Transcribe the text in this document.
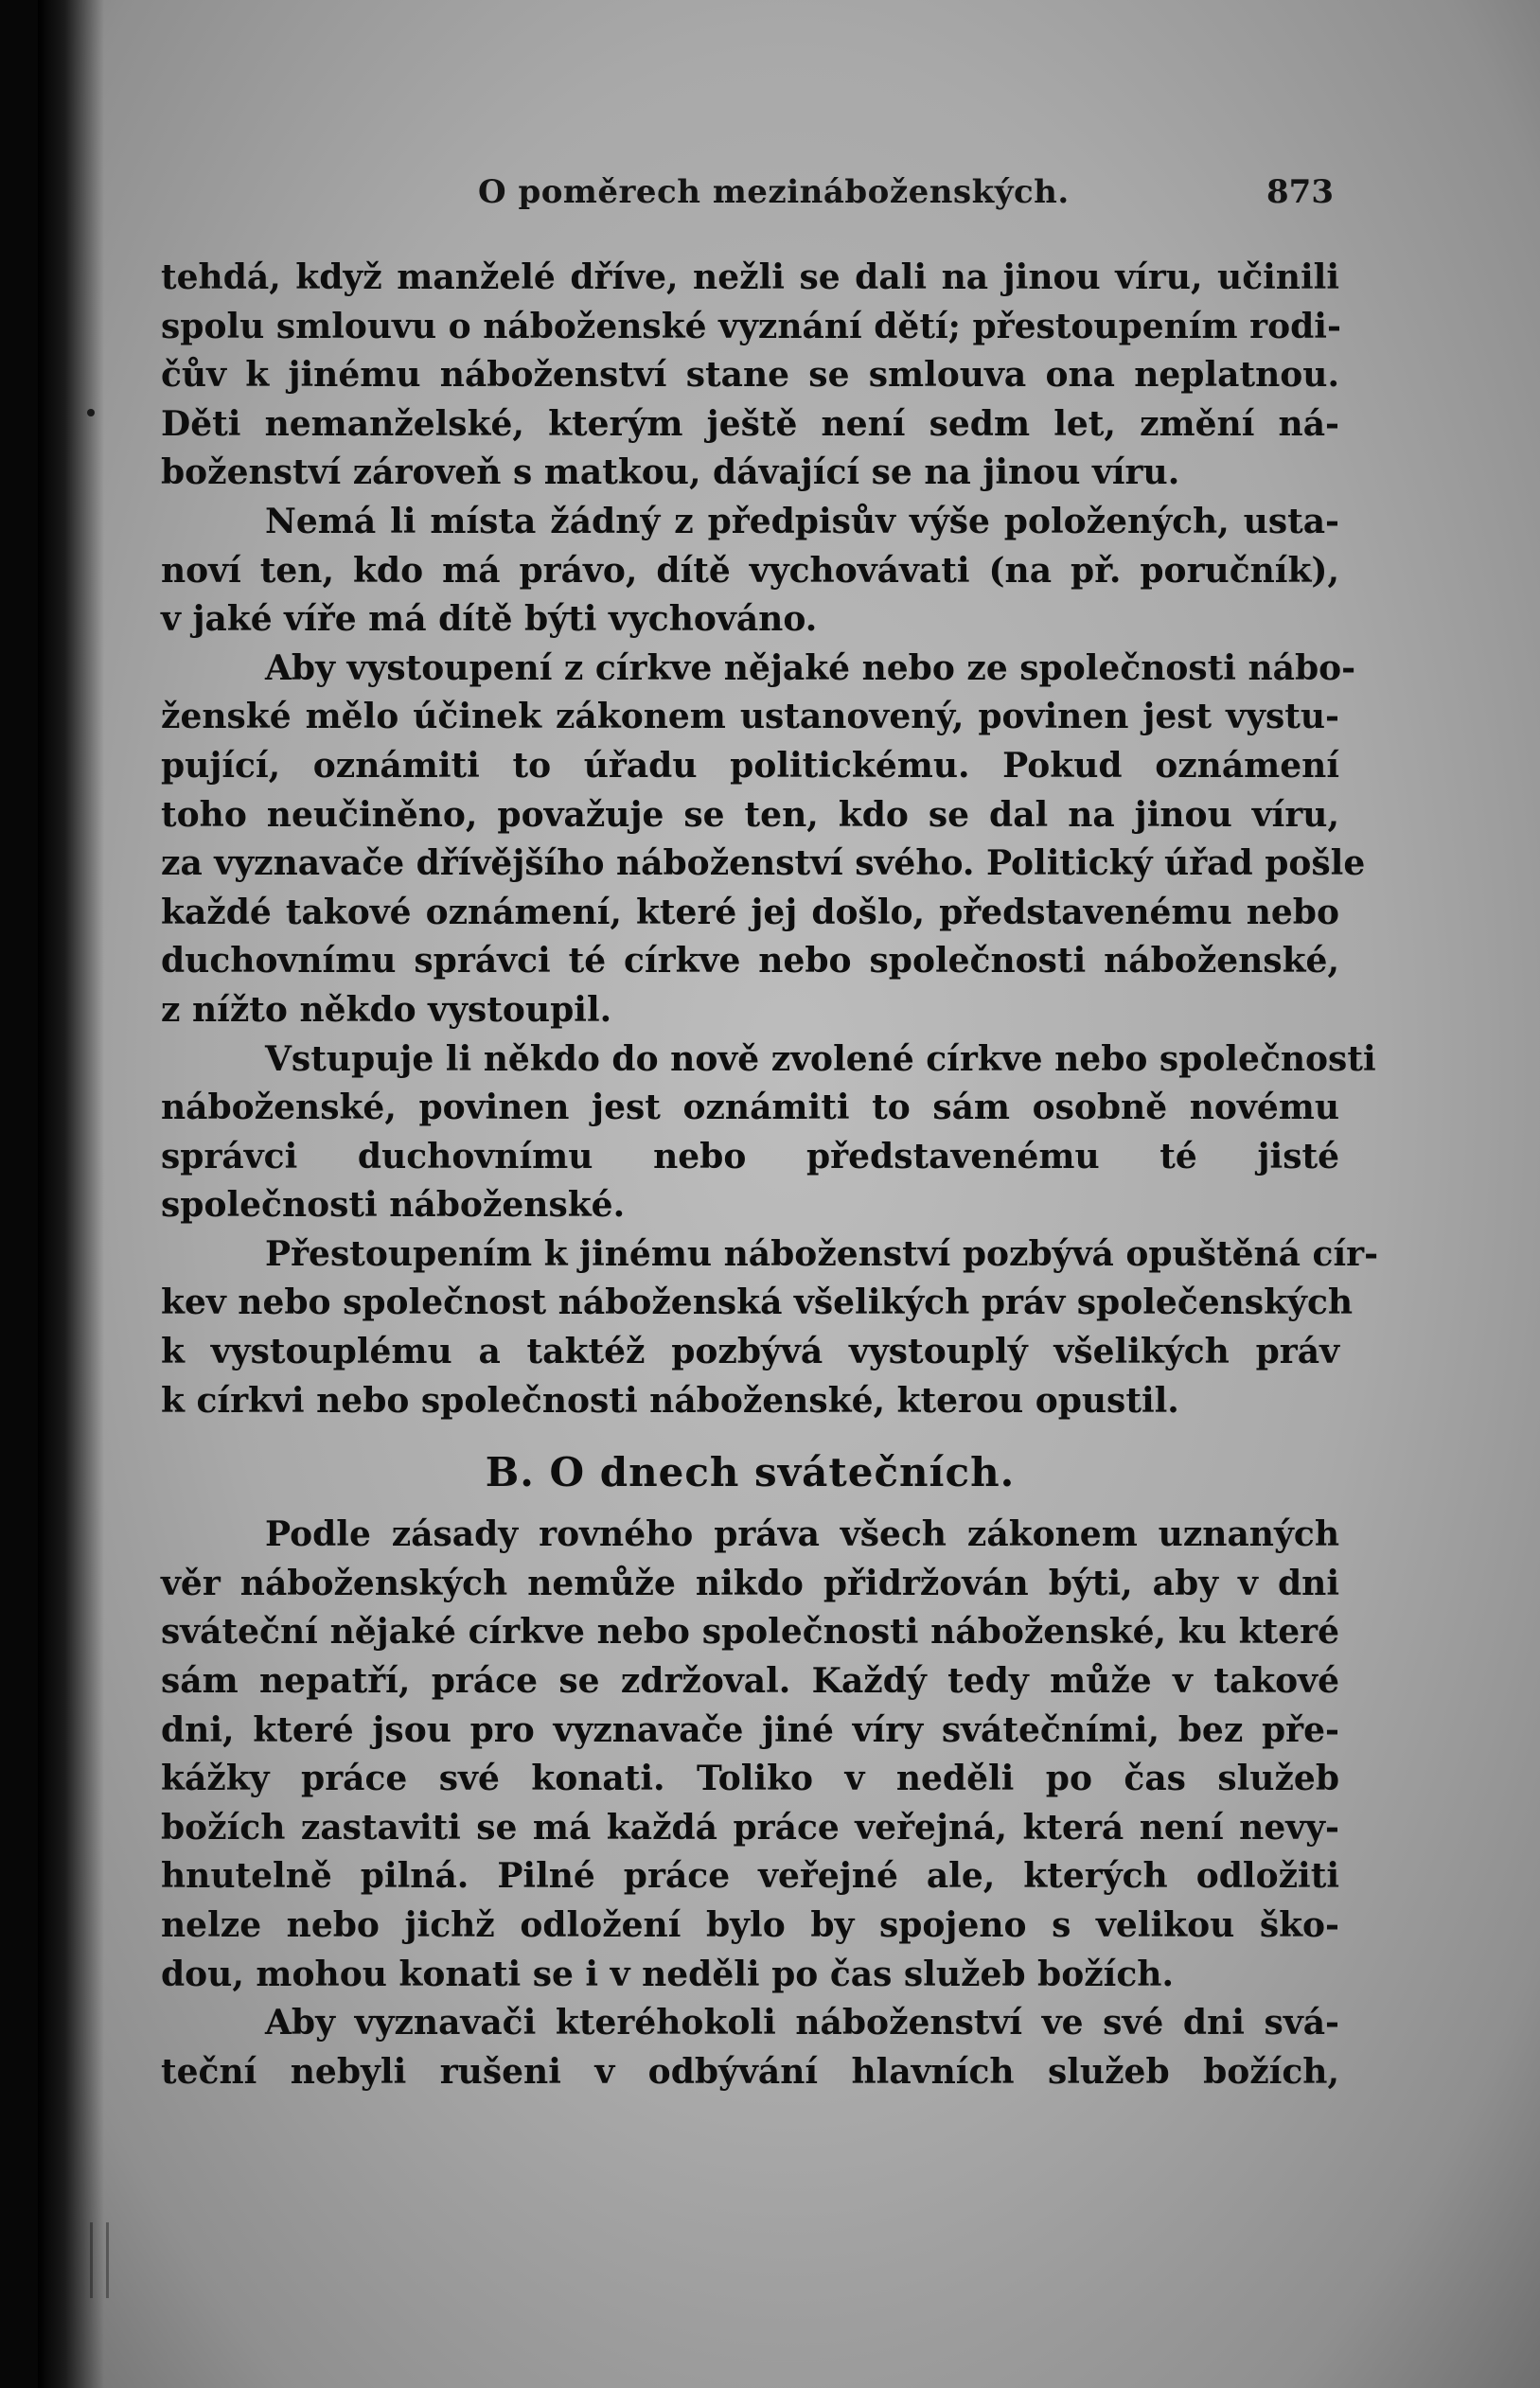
O poměrech mezináboženských.	873
tehdá, když manželé dříve, nežli se dali na jinou víru, učinili
spolu smlouvu o náboženské vyznání dětí; přestoupením rodi-
čův k jinému náboženství stane se smlouva ona neplatnou.
Děti nemanželské, kterým ještě není sedm let, změní ná-
boženství zároveň s matkou, dávající se na jinou víru.
Nemá li místa žádný z předpisův výše položených, usta-
noví ten, kdo má právo, dítě vychovávati (na př. poručník),
v jaké víře má dítě býti vychováno.
Aby vystoupení z církve nějaké nebo ze společnosti nábo-
ženské mělo účinek zákonem ustanovený, povinen jest vystu-
pující, oznámiti to úřadu politickému. Pokud oznámení
toho neučiněno, považuje se ten, kdo se dal na jinou víru,
za vyznavače dřívějšího náboženství svého. Politický úřad pošle
každé takové oznámení, které jej došlo, představenému nebo
duchovnímu správci té církve nebo společnosti náboženské,
z nížto někdo vystoupil.
Vstupuje li někdo do nově zvolené církve nebo společnosti
náboženské, povinen jest oznámiti to sám osobně novému
správci duchovnímu nebo představenému té jisté
společnosti náboženské.
Přestoupením k jinému náboženství pozbývá opuštěná cír-
kev nebo společnost náboženská všelikých práv společenských
k vystouplému a taktéž pozbývá vystouplý všelikých práv
k církvi nebo společnosti náboženské, kterou opustil.
B. O dnech svátečních.
Podle zásady rovného práva všech zákonem uznaných
věr náboženských nemůže nikdo přidržován býti, aby v dni
sváteční nějaké církve nebo společnosti náboženské, ku které
sám nepatří, práce se zdržoval. Každý tedy může v takové
dni, které jsou pro vyznavače jiné víry svátečními, bez pře-
kážky práce své konati. Toliko v neděli po čas služeb
božích zastaviti se má každá práce veřejná, která není nevy-
hnutelně pilná. Pilné práce veřejné ale, kterých odložiti
nelze nebo jichž odložení bylo by spojeno s velikou ško-
dou, mohou konati se i v neděli po čas služeb božích.
Aby vyznavači kteréhokoli náboženství ve své dni svá-
teční nebyli rušeni v odbývání hlavních služeb božích,
